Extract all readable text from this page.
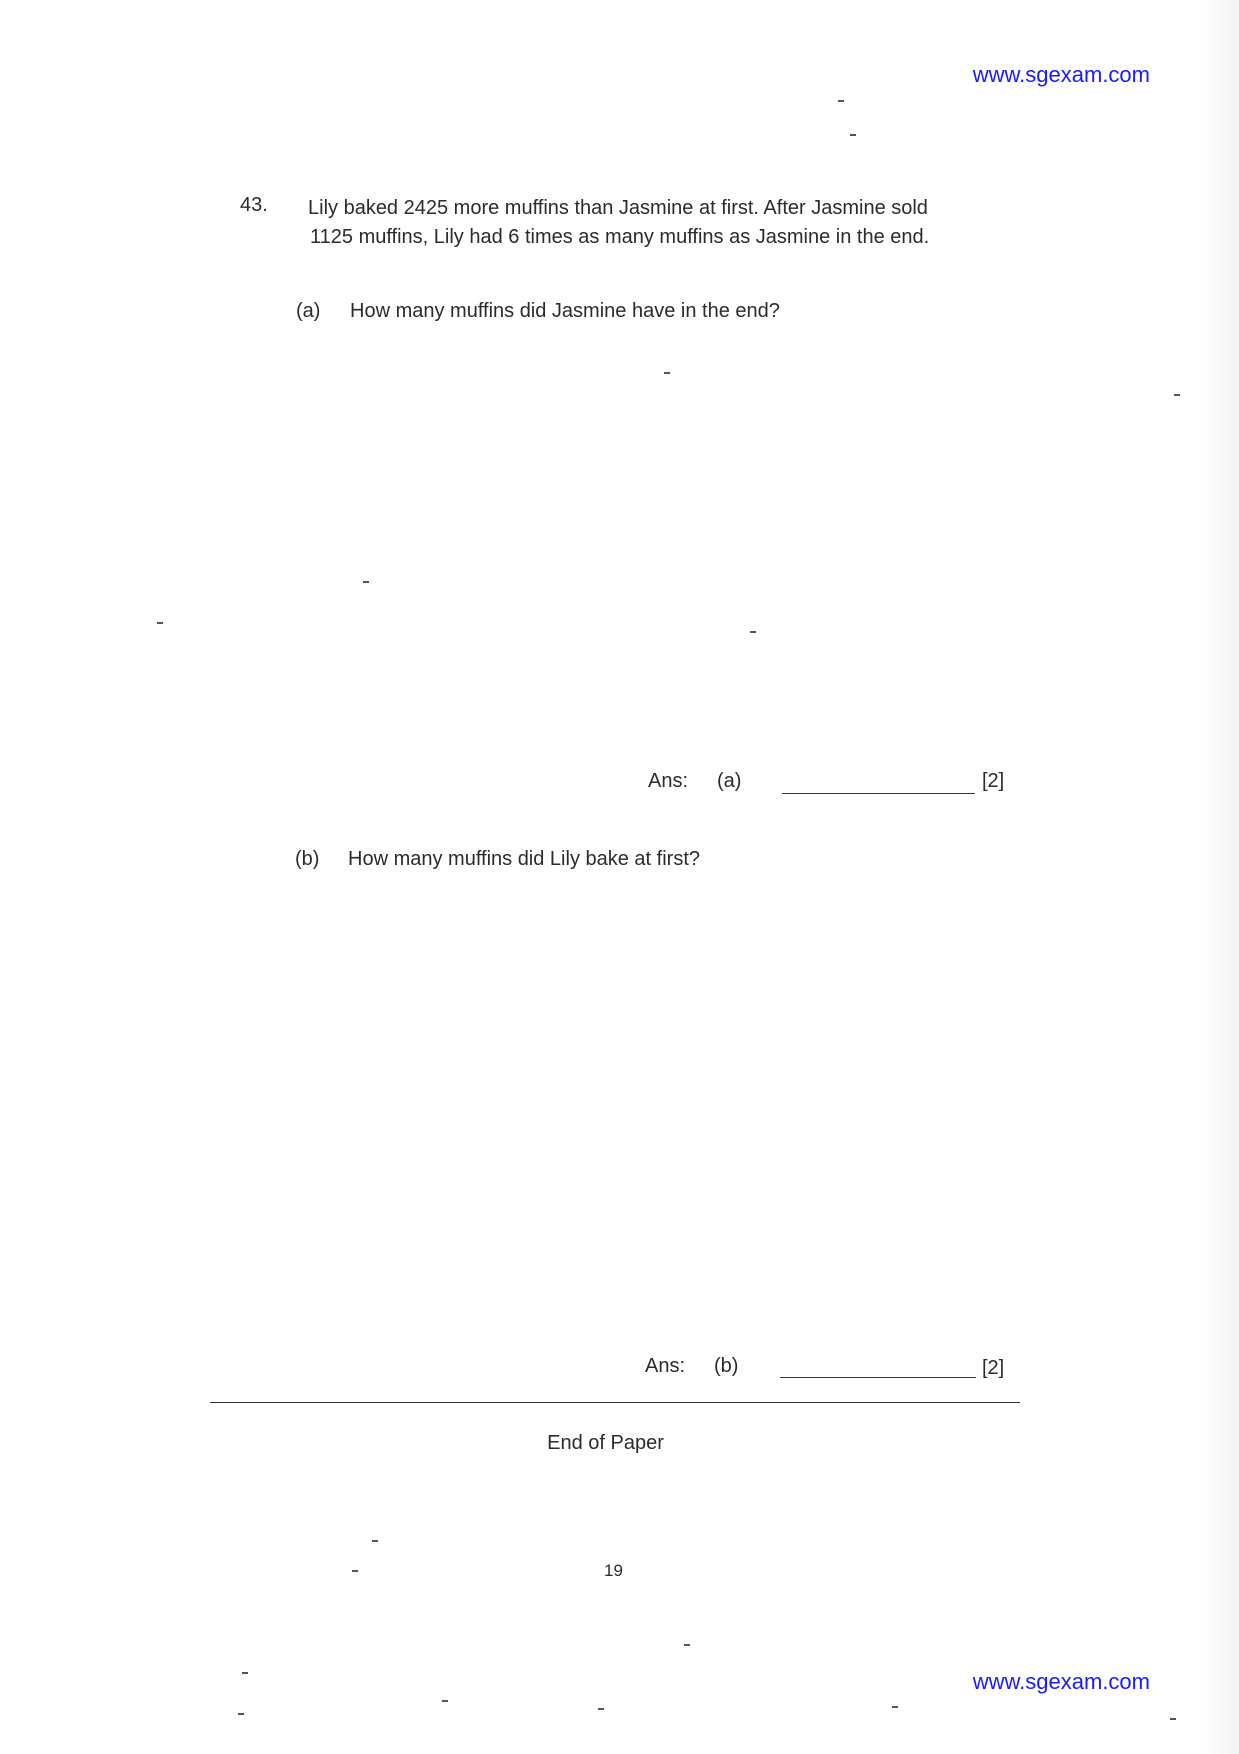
www.sgexam.com
43. Lily baked 2425 more muffins than Jasmine at first. After Jasmine sold
1125 muffins, Lily had 6 times as many muffins as Jasmine in the end.
(a) How many muffins did Jasmine have in the end?
Ans: (a)	[2]
(b) How many muffins did Lily bake at first?
Ans: (b)	[2]
End of Paper
19
www.sgexam.com
